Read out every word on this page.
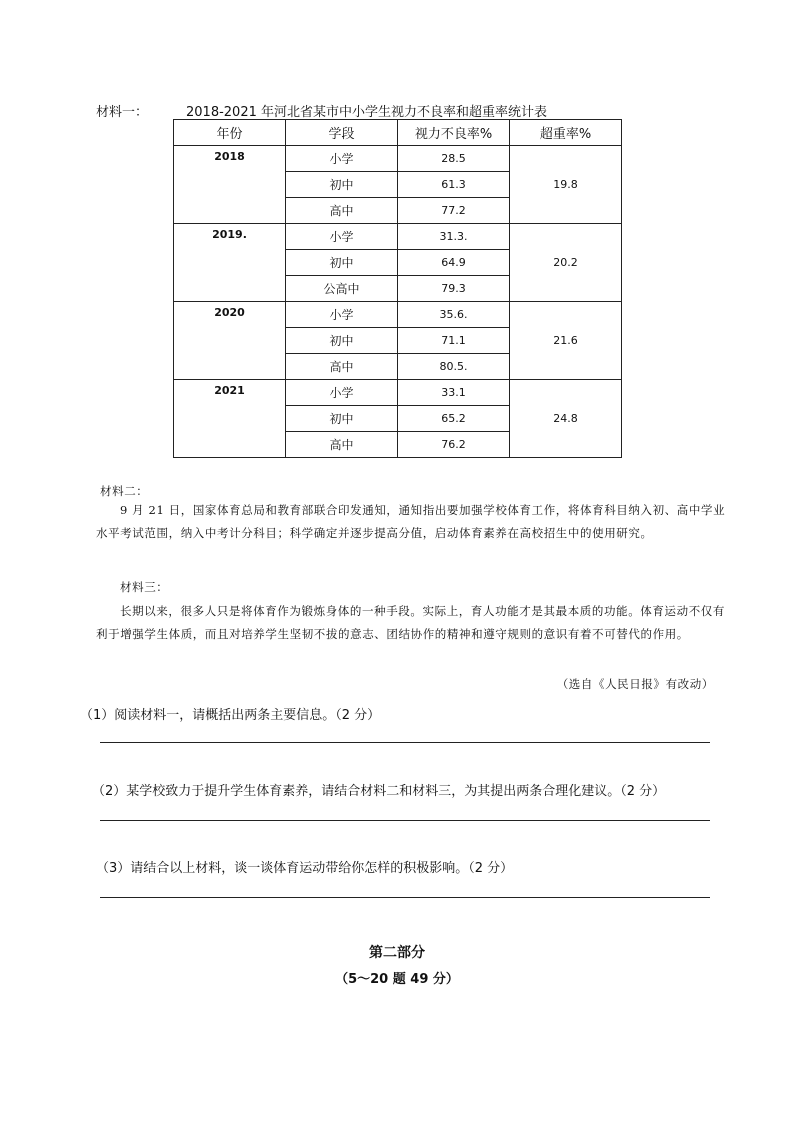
材料一：	2018-2021 年河北省某市中小学生视力不良率和超重率统计表
年份	学段	视力不良率%	超重率%
2018	小学	28.5	19.8
	初中	61.3	
	高中	77.2	
2019.	小学	31.3.	20.2
	初中	64.9	
	公高中	79.3	
2020	小学	35.6.	21.6
	初中	71.1	
	高中	80.5.	
2021	小学	33.1	24.8
	初中	65.2	
	高中	76.2	
材料二：
9 月 21 日，国家体育总局和教育部联合印发通知，通知指出要加强学校体育工作，将体育科目纳入初、高中学业水平考试范围，纳入中考计分科目；科学确定并逐步提高分值，启动体育素养在高校招生中的使用研究。
材料三：
长期以来，很多人只是将体育作为锻炼身体的一种手段。实际上，育人功能才是其最本质的功能。体育运动不仅有利于增强学生体质，而且对培养学生坚韧不拔的意志、团结协作的精神和遵守规则的意识有着不可替代的作用。
（选自《人民日报》有改动）
（1）阅读材料一，请概括出两条主要信息。（2 分）
（2）某学校致力于提升学生体育素养，请结合材料二和材料三，为其提出两条合理化建议。（2 分）
（3）请结合以上材料，谈一谈体育运动带给你怎样的积极影响。（2 分）
第二部分
（5～20 题 49 分）
